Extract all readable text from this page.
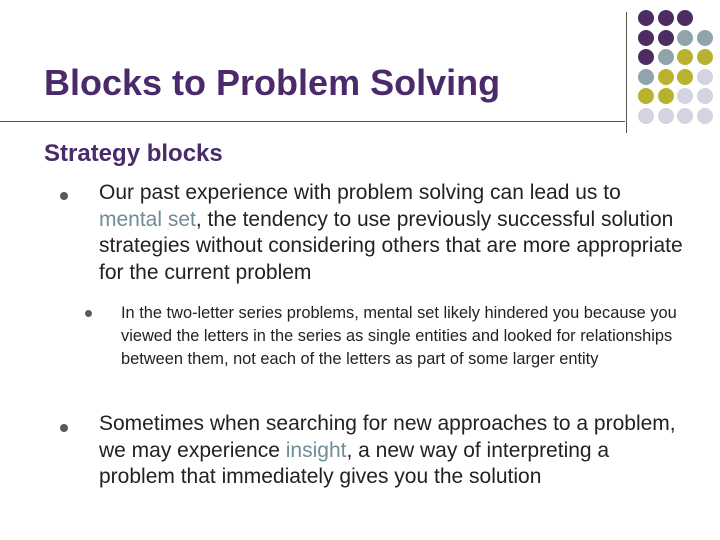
Blocks to Problem Solving
Strategy blocks
Our past experience with problem solving can lead us to mental set, the tendency to use previously successful solution strategies without considering others that are more appropriate for the current problem
In the two-letter series problems, mental set likely hindered you because you viewed the letters in the series as single entities and looked for relationships between them, not each of the letters as part of some larger entity
Sometimes when searching for new approaches to a problem, we may experience insight, a new way of interpreting a problem that immediately gives you the solution
